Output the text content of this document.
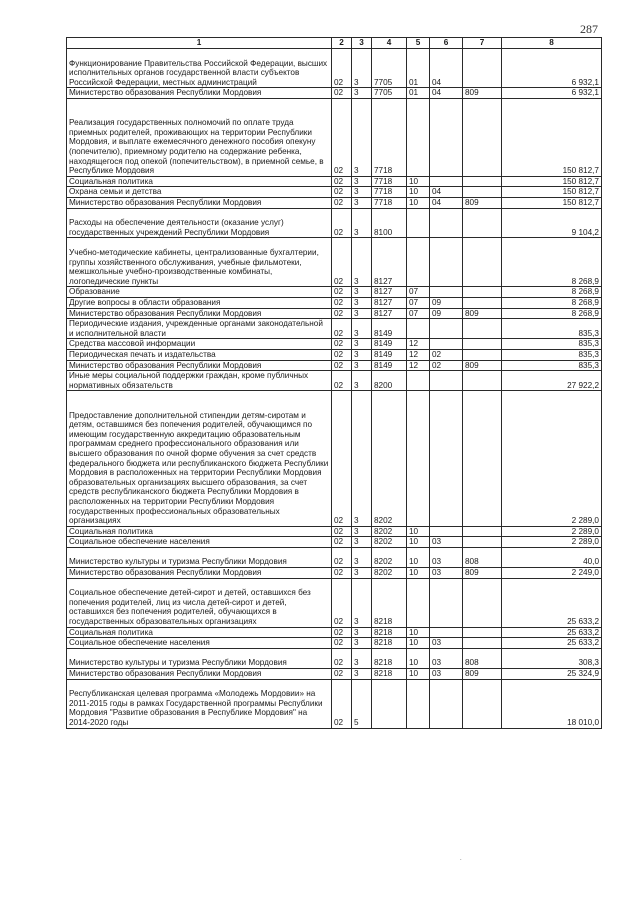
287
1	2	3	4	5	6	7	8
Функционирование Правительства Российской Федерации, высших исполнительных органов государственной власти субъектов Российской Федерации, местных администраций	02	3	7705	01	04		6 932,1
Министерство образования Республики Мордовия	02	3	7705	01	04	809	6 932,1
Реализация государственных полномочий по оплате труда приемных родителей, проживающих на территории Республики Мордовия, и выплате ежемесячного денежного пособия опекуну (попечителю), приемному родителю на содержание ребенка, находящегося под опекой (попечительством), в приемной семье, в Республике Мордовия	02	3	7718				150 812,7
Социальная политика	02	3	7718	10			150 812,7
Охрана семьи и детства	02	3	7718	10	04		150 812,7
Министерство образования Республики Мордовия	02	3	7718	10	04	809	150 812,7
Расходы на обеспечение деятельности (оказание услуг) государственных учреждений Республики Мордовия	02	3	8100				9 104,2
Учебно-методические кабинеты, централизованные бухгалтерии, группы хозяйственного обслуживания, учебные фильмотеки, межшкольные учебно-производственные комбинаты, логопедические пункты	02	3	8127				8 268,9
Образование	02	3	8127	07			8 268,9
Другие вопросы в области образования	02	3	8127	07	09		8 268,9
Министерство образования Республики Мордовия	02	3	8127	07	09	809	8 268,9
Периодические издания, учрежденные органами законодательной и исполнительной власти	02	3	8149				835,3
Средства массовой информации	02	3	8149	12			835,3
Периодическая печать и издательства	02	3	8149	12	02		835,3
Министерство образования Республики Мордовия	02	3	8149	12	02	809	835,3
Иные меры социальной поддержки граждан, кроме публичных нормативных обязательств	02	3	8200				27 922,2
Предоставление дополнительной стипендии детям-сиротам и детям, оставшимся без попечения родителей, обучающимся по имеющим государственную аккредитацию образовательным программам среднего профессионального образования или высшего образования по очной форме обучения за счет средств федерального бюджета или республиканского бюджета Республики Мордовия в расположенных на территории Республики Мордовия образовательных организациях высшего образования, за счет средств республиканского бюджета Республики Мордовия в расположенных на территории Республики Мордовия государственных профессиональных образовательных организациях	02	3	8202				2 289,0
Социальная политика	02	3	8202	10			2 289,0
Социальное обеспечение населения	02	3	8202	10	03		2 289,0
Министерство культуры и туризма Республики Мордовия	02	3	8202	10	03	808	40,0
Министерство образования Республики Мордовия	02	3	8202	10	03	809	2 249,0
Социальное обеспечение детей-сирот и детей, оставшихся без попечения родителей, лиц из числа детей-сирот и детей, оставшихся без попечения родителей, обучающихся в государственных образовательных организациях	02	3	8218				25 633,2
Социальная политика	02	3	8218	10			25 633,2
Социальное обеспечение населения	02	3	8218	10	03		25 633,2
Министерство культуры и туризма Республики Мордовия	02	3	8218	10	03	808	308,3
Министерство образования Республики Мордовия	02	3	8218	10	03	809	25 324,9
Республиканская целевая программа «Молодежь Мордовии» на 2011-2015 годы в рамках Государственной программы Республики Мордовия "Развитие образования в Республике Мордовия" на 2014-2020 годы	02	5					18 010,0
.
